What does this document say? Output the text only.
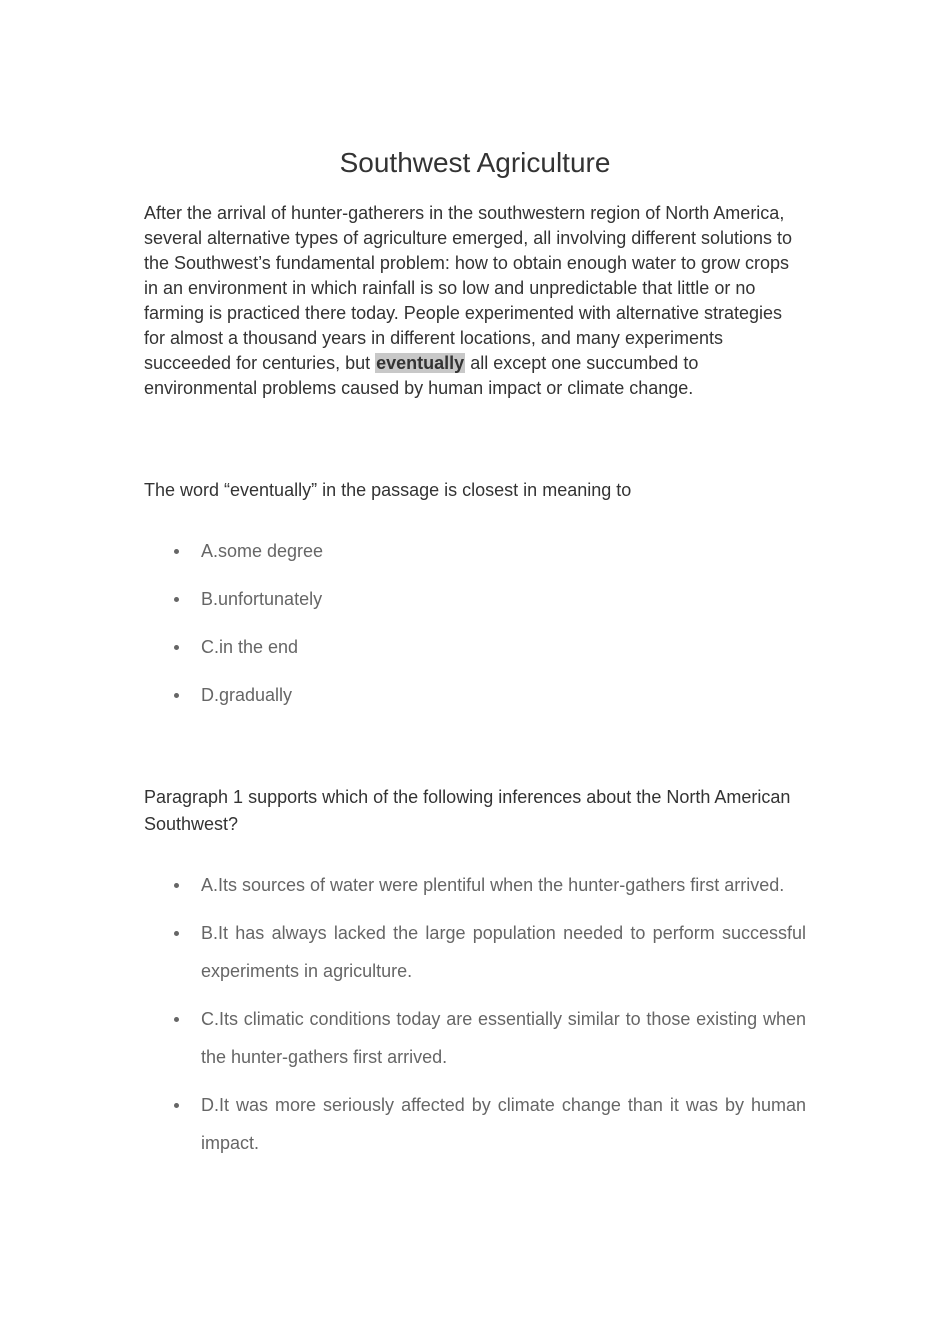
Southwest Agriculture

After the arrival of hunter-gatherers in the southwestern region of North America, several alternative types of agriculture emerged, all involving different solutions to the Southwest’s fundamental problem: how to obtain enough water to grow crops in an environment in which rainfall is so low and unpredictable that little or no farming is practiced there today. People experimented with alternative strategies for almost a thousand years in different locations, and many experiments succeeded for centuries, but eventually all except one succumbed to environmental problems caused by human impact or climate change.

The word “eventually” in the passage is closest in meaning to

A.some degree
B.unfortunately
C.in the end
D.gradually

Paragraph 1 supports which of the following inferences about the North American Southwest?

A.Its sources of water were plentiful when the hunter-gathers first arrived.
B.It has always lacked the large population needed to perform successful experiments in agriculture.
C.Its climatic conditions today are essentially similar to those existing when the hunter-gathers first arrived.
D.It was more seriously affected by climate change than it was by human impact.
